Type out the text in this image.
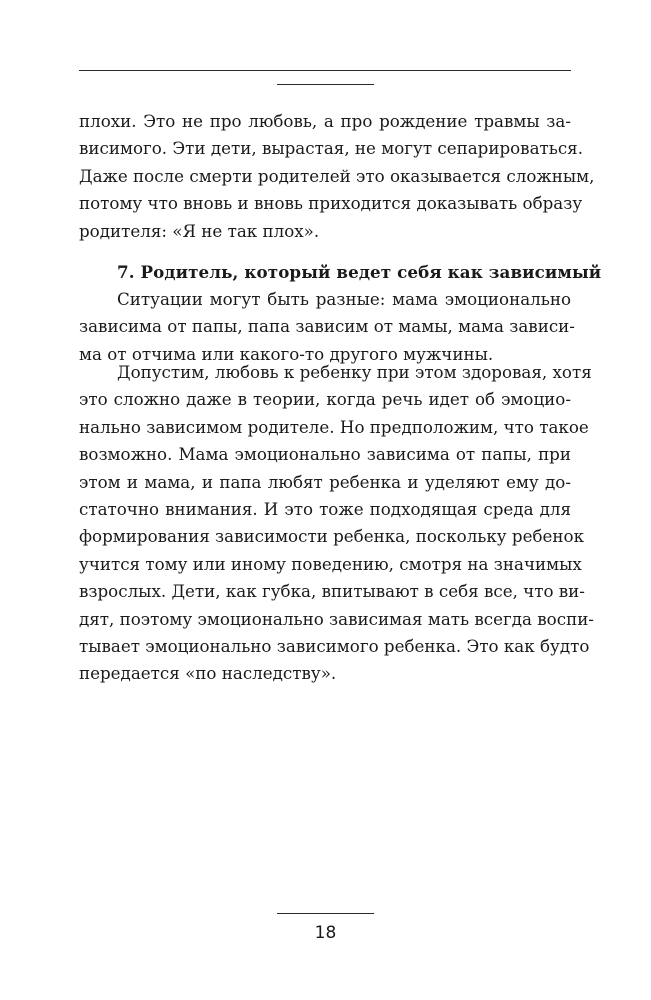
плохи. Это не про любовь, а про рождение травмы за-
висимого. Эти дети, вырастая, не могут сепарироваться.
Даже после смерти родителей это оказывается сложным,
потому что вновь и вновь приходится доказывать образу
родителя: «Я не так плох».
7. Родитель, который ведет себя как зависимый
Ситуации могут быть разные: мама эмоционально
зависима от папы, папа зависим от мамы, мама зависи-
ма от отчима или какого-то другого мужчины.
Допустим, любовь к ребенку при этом здоровая, хотя
это сложно даже в теории, когда речь идет об эмоцио-
нально зависимом родителе. Но предположим, что такое
возможно. Мама эмоционально зависима от папы, при
этом и мама, и папа любят ребенка и уделяют ему до-
статочно внимания. И это тоже подходящая среда для
формирования зависимости ребенка, поскольку ребенок
учится тому или иному поведению, смотря на значимых
взрослых. Дети, как губка, впитывают в себя все, что ви-
дят, поэтому эмоционально зависимая мать всегда воспи-
тывает эмоционально зависимого ребенка. Это как будто
передается «по наследству».
18
